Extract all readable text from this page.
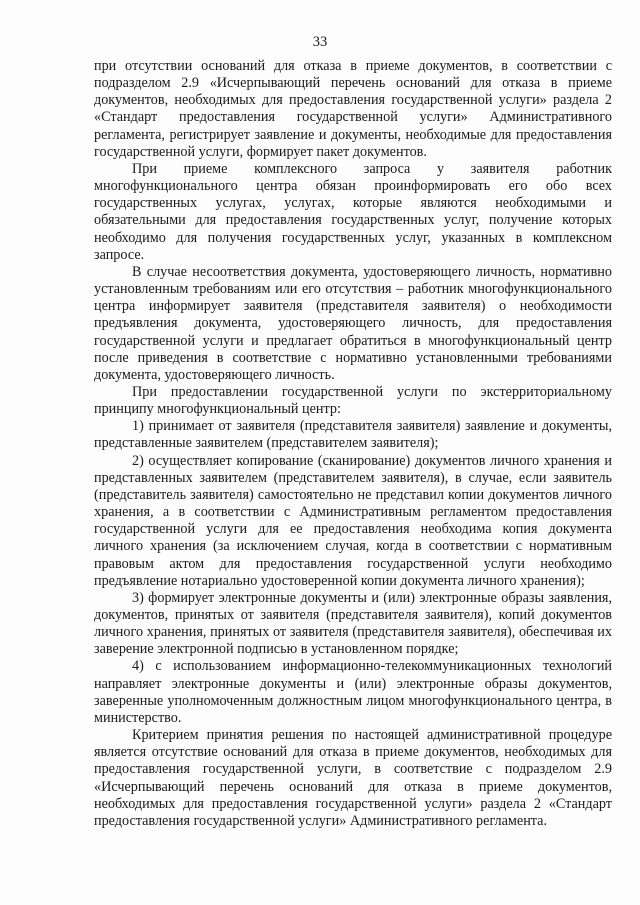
33

при отсутствии оснований для отказа в приеме документов, в соответствии с подразделом 2.9 «Исчерпывающий перечень оснований для отказа в приеме документов, необходимых для предоставления государственной услуги» раздела 2 «Стандарт предоставления государственной услуги» Административного регламента, регистрирует заявление и документы, необходимые для предоставления государственной услуги, формирует пакет документов.

При приеме комплексного запроса у заявителя работник многофункционального центра обязан проинформировать его обо всех государственных услугах, услугах, которые являются необходимыми и обязательными для предоставления государственных услуг, получение которых необходимо для получения государственных услуг, указанных в комплексном запросе.

В случае несоответствия документа, удостоверяющего личность, нормативно установленным требованиям или его отсутствия – работник многофункционального центра информирует заявителя (представителя заявителя) о необходимости предъявления документа, удостоверяющего личность, для предоставления государственной услуги и предлагает обратиться в многофункциональный центр после приведения в соответствие с нормативно установленными требованиями документа, удостоверяющего личность.

При предоставлении государственной услуги по экстерриториальному принципу многофункциональный центр:

1) принимает от заявителя (представителя заявителя) заявление и документы, представленные заявителем (представителем заявителя);

2) осуществляет копирование (сканирование) документов личного хранения и представленных заявителем (представителем заявителя), в случае, если заявитель (представитель заявителя) самостоятельно не представил копии документов личного хранения, а в соответствии с Административным регламентом предоставления государственной услуги для ее предоставления необходима копия документа личного хранения (за исключением случая, когда в соответствии с нормативным правовым актом для предоставления государственной услуги необходимо предъявление нотариально удостоверенной копии документа личного хранения);

3) формирует электронные документы и (или) электронные образы заявления, документов, принятых от заявителя (представителя заявителя), копий документов личного хранения, принятых от заявителя (представителя заявителя), обеспечивая их заверение электронной подписью в установленном порядке;

4) с использованием информационно-телекоммуникационных технологий направляет электронные документы и (или) электронные образы документов, заверенные уполномоченным должностным лицом многофункционального центра, в министерство.

Критерием принятия решения по настоящей административной процедуре является отсутствие оснований для отказа в приеме документов, необходимых для предоставления государственной услуги, в соответствие с подразделом 2.9 «Исчерпывающий перечень оснований для отказа в приеме документов, необходимых для предоставления государственной услуги» раздела 2 «Стандарт предоставления государственной услуги» Административного регламента.
